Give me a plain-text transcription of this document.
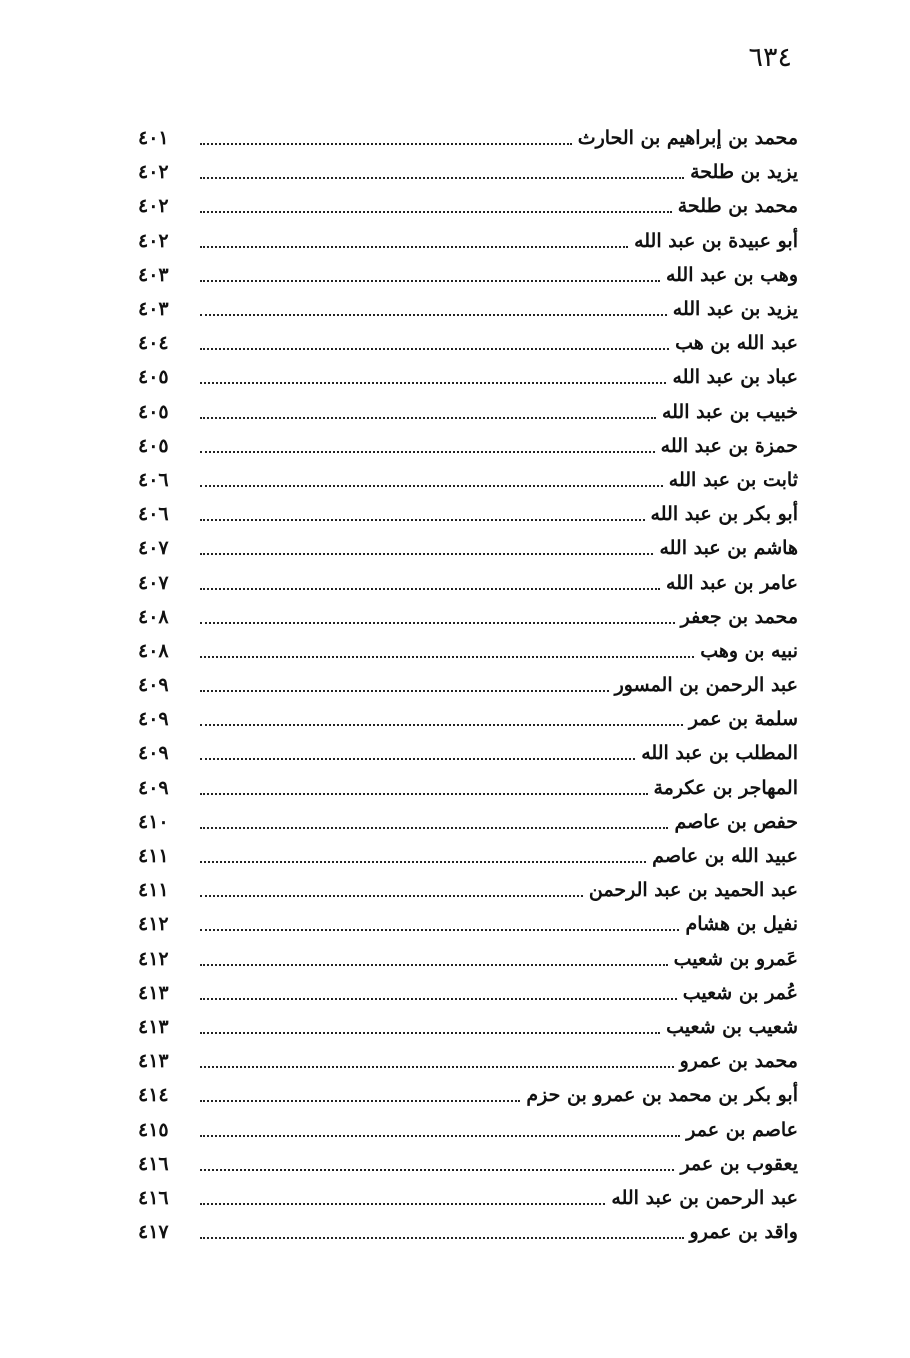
٦٣٤
محمد بن إبراهيم بن الحارث
٤٠١
يزيد بن طلحة
٤٠٢
محمد بن طلحة
٤٠٢
أبو عبيدة بن عبد الله
٤٠٢
وهب بن عبد الله
٤٠٣
يزيد بن عبد الله
٤٠٣
عبد الله بن هب
٤٠٤
عباد بن عبد الله
٤٠٥
خبيب بن عبد الله
٤٠٥
حمزة بن عبد الله
٤٠٥
ثابت بن عبد الله
٤٠٦
أبو بكر بن عبد الله
٤٠٦
هاشم بن عبد الله
٤٠٧
عامر بن عبد الله
٤٠٧
محمد بن جعفر
٤٠٨
نبيه بن وهب
٤٠٨
عبد الرحمن بن المسور
٤٠٩
سلمة بن عمر
٤٠٩
المطلب بن عبد الله
٤٠٩
المهاجر بن عكرمة
٤٠٩
حفص بن عاصم
٤١٠
عبيد الله بن عاصم
٤١١
عبد الحميد بن عبد الرحمن
٤١١
نفيل بن هشام
٤١٢
عَمرو بن شعيب
٤١٢
عُمر بن شعيب
٤١٣
شعيب بن شعيب
٤١٣
محمد بن عمرو
٤١٣
أبو بكر بن محمد بن عمرو بن حزم
٤١٤
عاصم بن عمر
٤١٥
يعقوب بن عمر
٤١٦
عبد الرحمن بن عبد الله
٤١٦
واقد بن عمرو
٤١٧
